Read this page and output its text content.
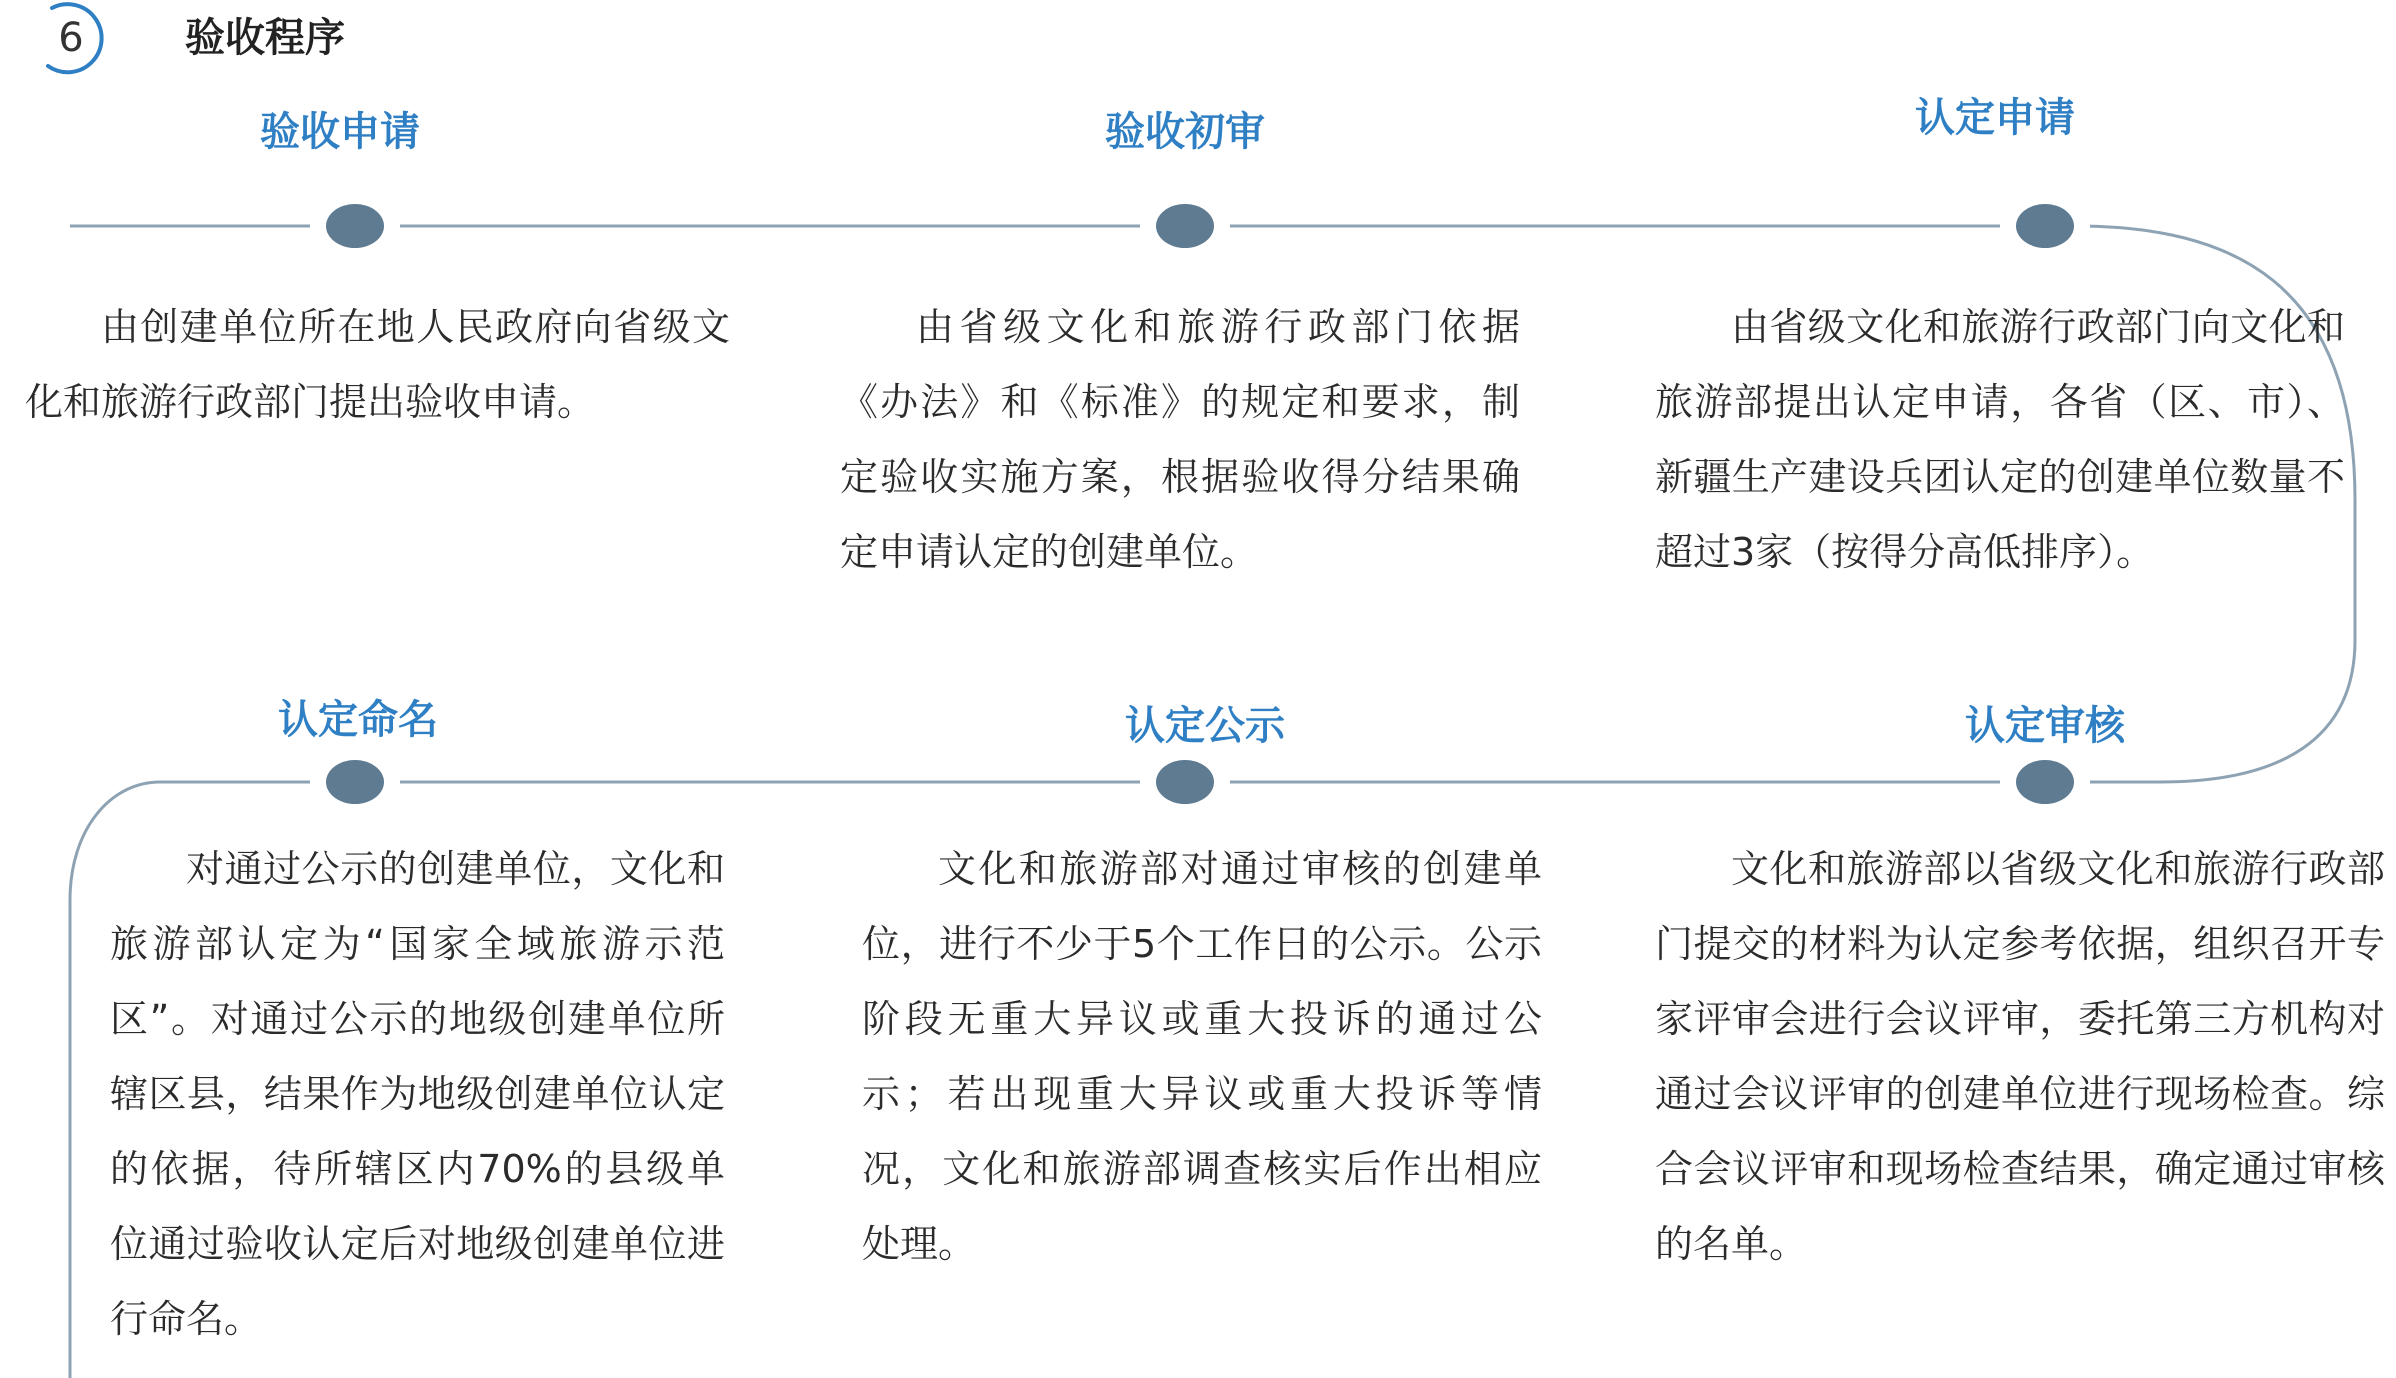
6	验收程序
验收申请
由创建单位所在地人民政府向省级文化和旅游行政部门提出验收申请。
验收初审
由省级文化和旅游行政部门依据《办法》和《标准》的规定和要求，制定验收实施方案，根据验收得分结果确定申请认定的创建单位。
认定申请
由省级文化和旅游行政部门向文化和旅游部提出认定申请，各省（区、市）、新疆生产建设兵团认定的创建单位数量不超过3家（按得分高低排序）。
认定审核
文化和旅游部以省级文化和旅游行政部门提交的材料为认定参考依据，组织召开专家评审会进行会议评审，委托第三方机构对通过会议评审的创建单位进行现场检查。综合会议评审和现场检查结果，确定通过审核的名单。
认定公示
文化和旅游部对通过审核的创建单位，进行不少于5个工作日的公示。公示阶段无重大异议或重大投诉的通过公示；若出现重大异议或重大投诉等情况，文化和旅游部调查核实后作出相应处理。
认定命名
对通过公示的创建单位，文化和旅游部认定为“国家全域旅游示范区”。对通过公示的地级创建单位所辖区县，结果作为地级创建单位认定的依据，待所辖区内70%的县级单位通过验收认定后对地级创建单位进行命名。
